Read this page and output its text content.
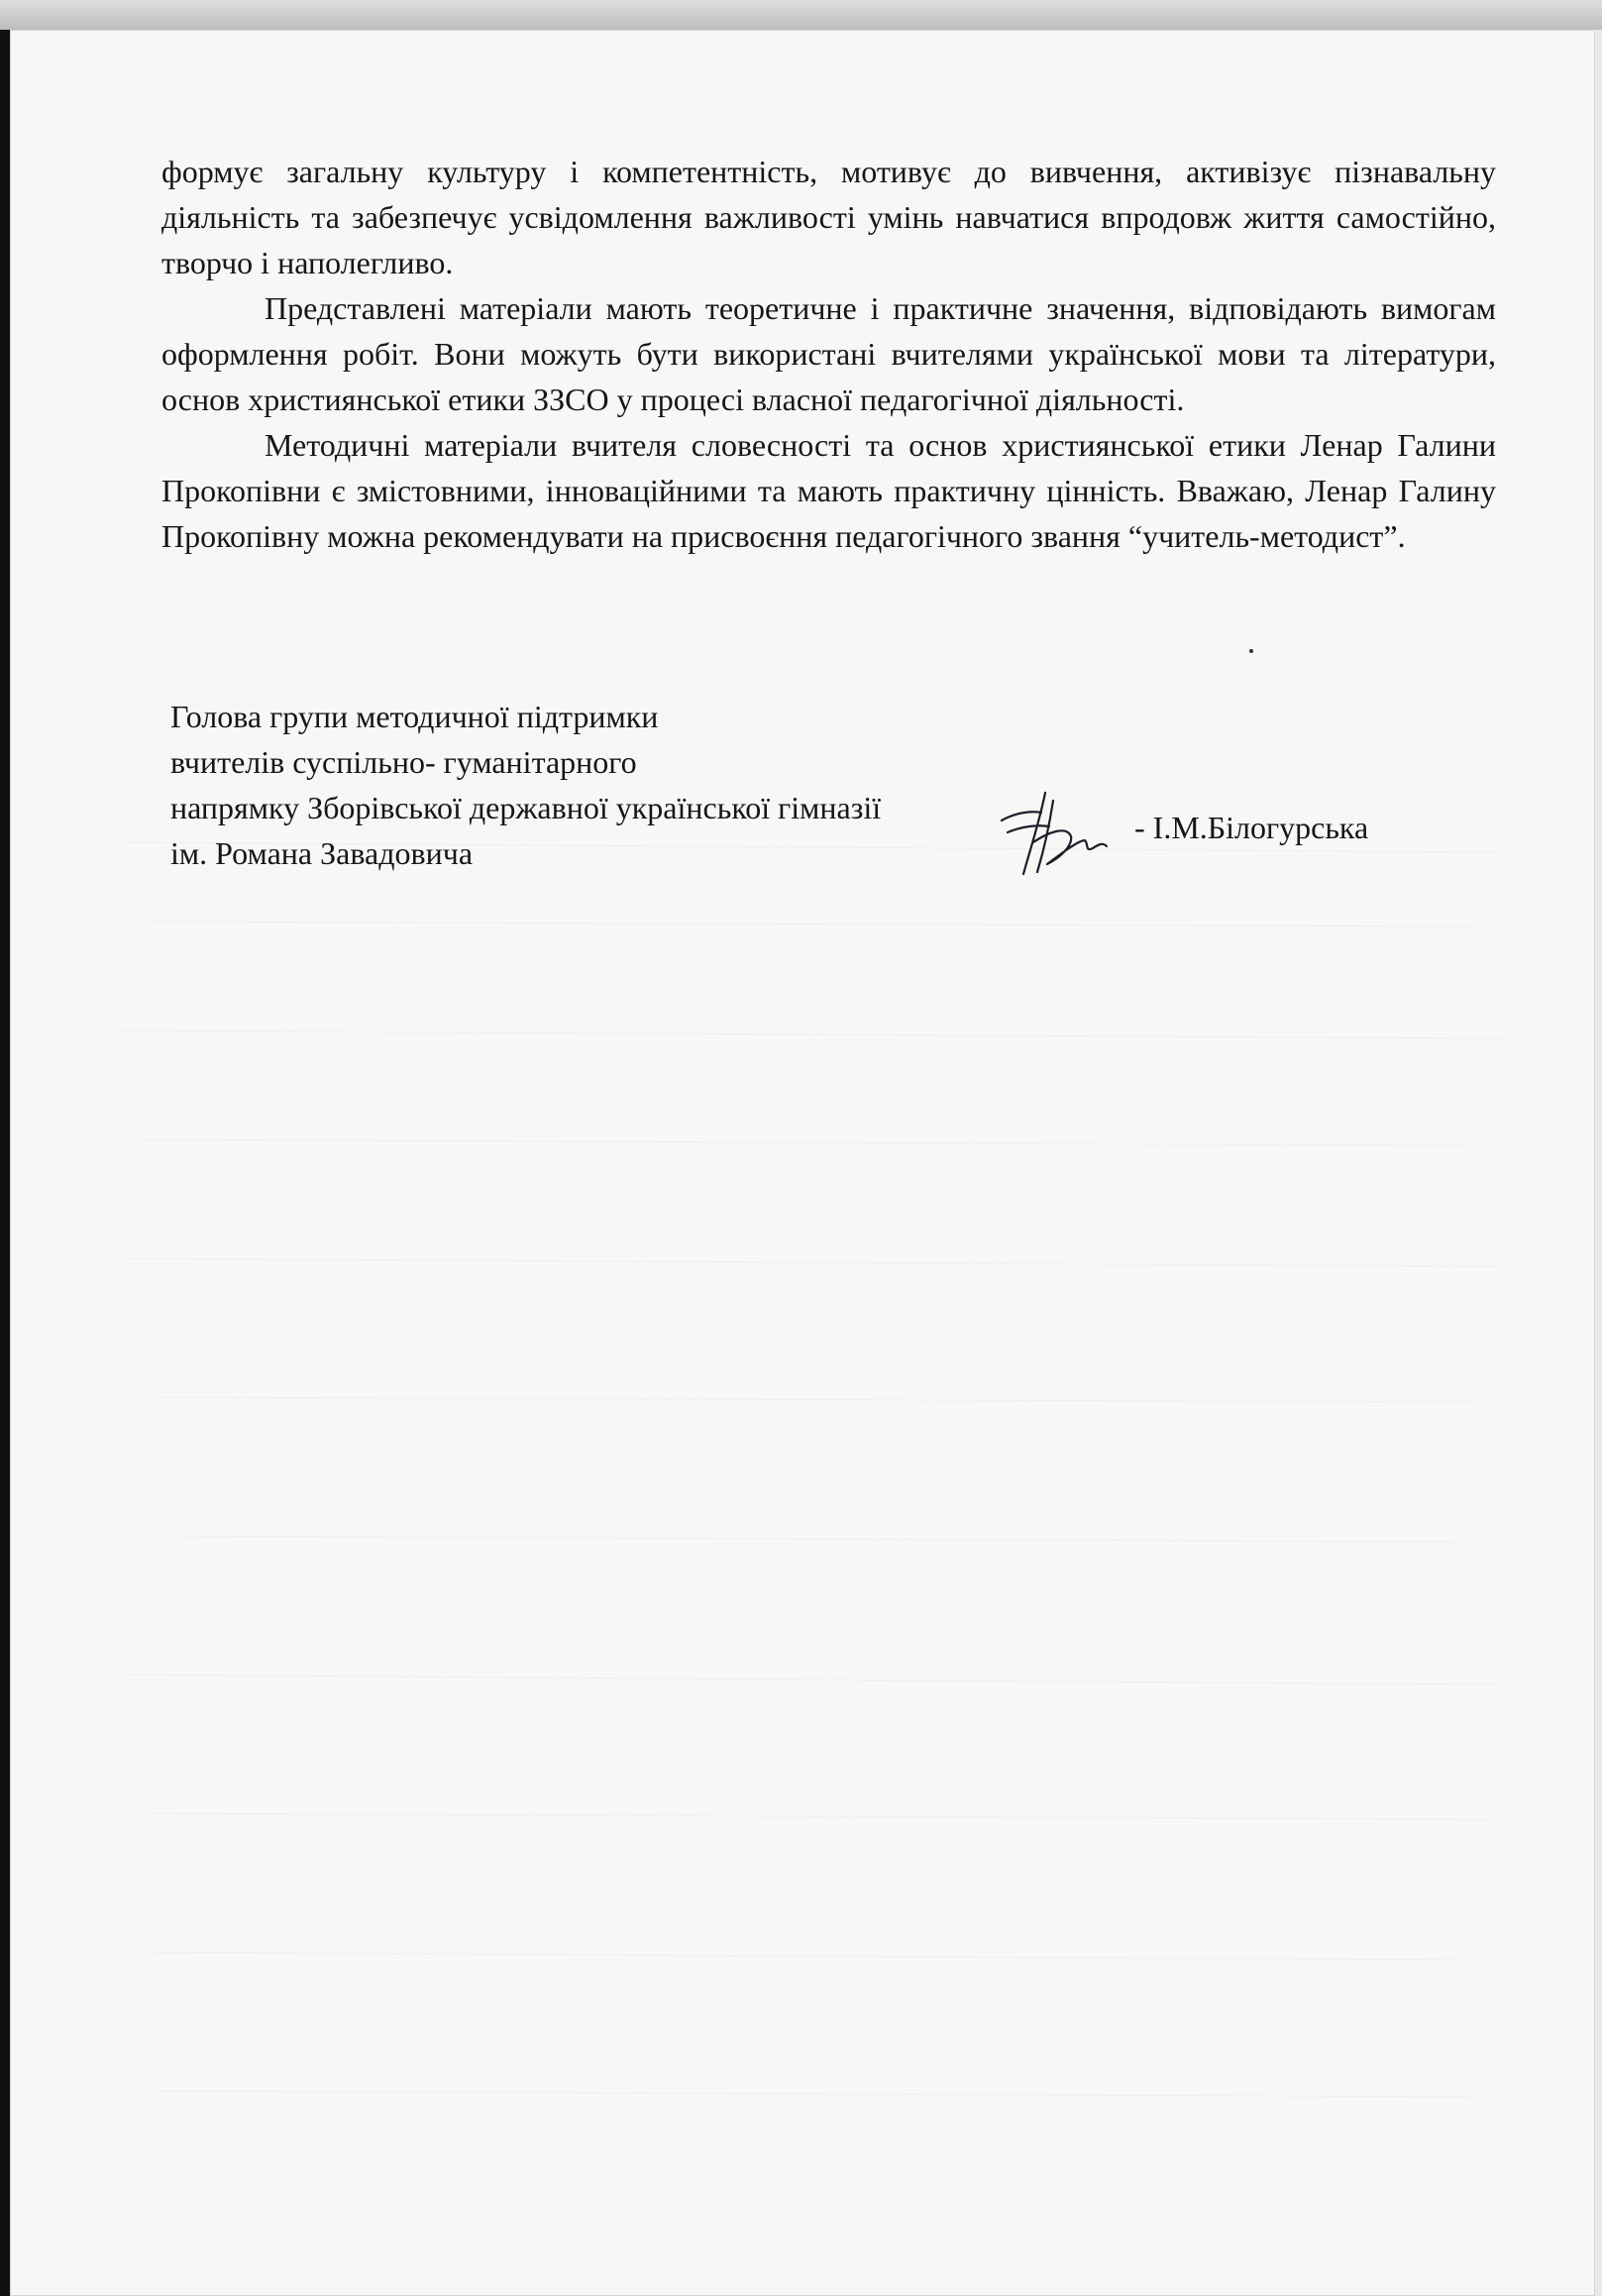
формує загальну культуру і компетентність, мотивує до вивчення, активізує пізнавальну діяльність та забезпечує усвідомлення важливості умінь навчатися впродовж життя самостійно, творчо і наполегливо.

Представлені матеріали мають теоретичне і практичне значення, відповідають вимогам оформлення робіт. Вони можуть бути використані вчителями української мови та літератури, основ християнської етики ЗЗСО у процесі власної педагогічної діяльності.

Методичні матеріали вчителя словесності та основ християнської етики Ленар Галини Прокопівни є змістовними, інноваційними та мають практичну цінність. Вважаю, Ленар Галину Прокопівну можна рекомендувати на присвоєння педагогічного звання “учитель-методист”.

Голова групи методичної підтримки
вчителів суспільно- гуманітарного
напрямку Зборівської державної української гімназії
ім. Романа Завадовича
- І.М.Білогурська
